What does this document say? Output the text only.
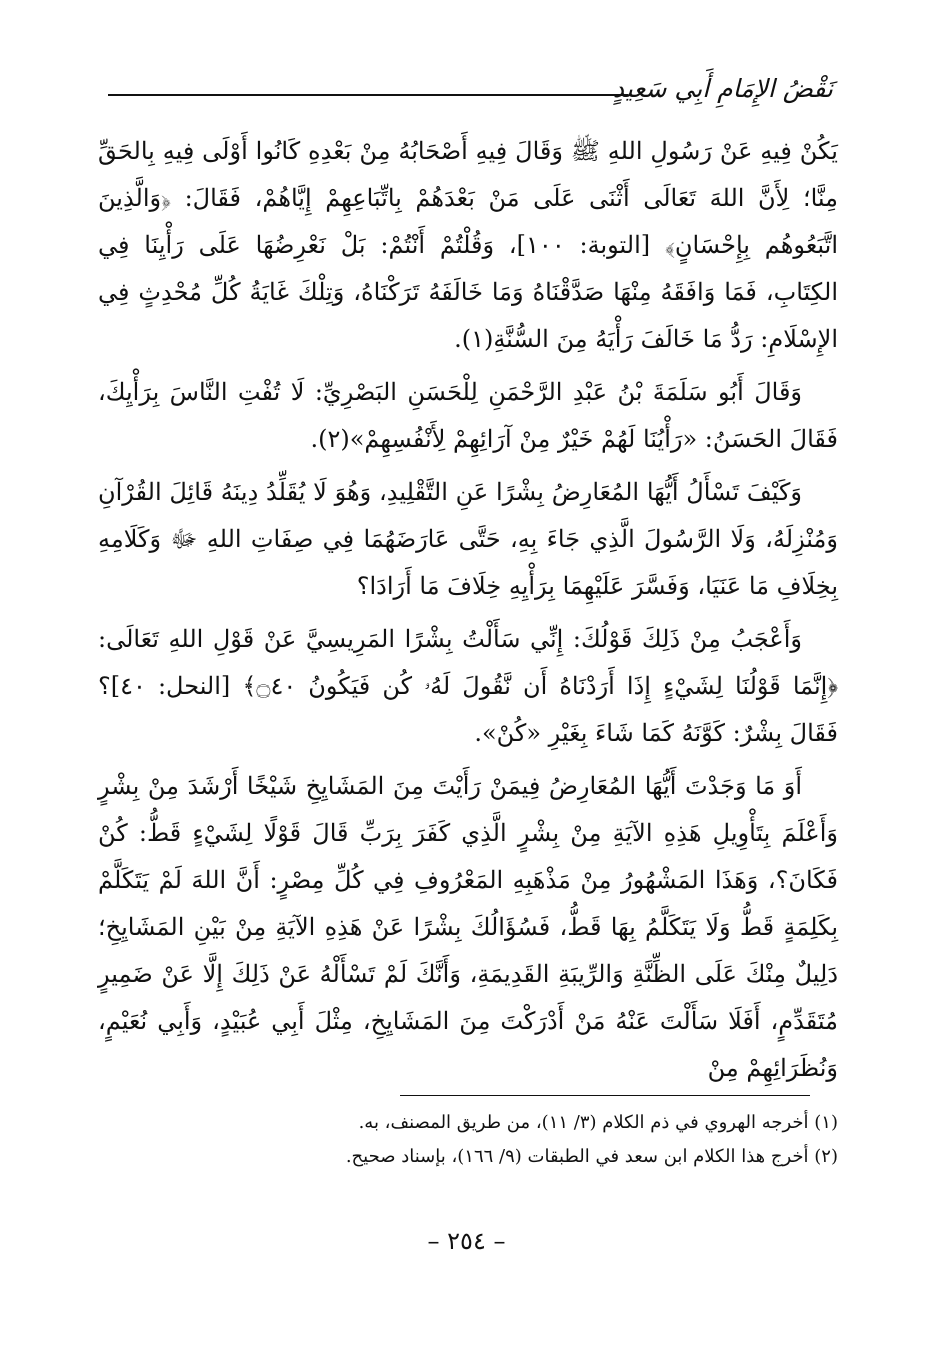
نَقْضُ الإِمَامِ أَبِي سَعِيدٍ

يَكُنْ فِيهِ عَنْ رَسُولِ اللهِ ﷺ وَقَالَ فِيهِ أَصْحَابُهُ مِنْ بَعْدِهِ كَانُوا أَوْلَى فِيهِ بِالحَقِّ مِنَّا؛ لِأَنَّ اللهَ تَعَالَى أَثْنَى عَلَى مَنْ بَعْدَهُمْ بِاتِّبَاعِهِمْ إِيَّاهُمْ، فَقَالَ: ﴿وَالَّذِينَ اتَّبَعُوهُم بِإِحْسَانٍ﴾ [التوبة: ١٠٠]، وَقُلْتُمْ أَنْتُمْ: بَلْ نَعْرِضُهَا عَلَى رَأْيِنَا فِي الكِتَابِ، فَمَا وَافَقَهُ مِنْهَا صَدَّقْنَاهُ وَمَا خَالَفَهُ تَرَكْنَاهُ، وَتِلْكَ غَايَةُ كُلِّ مُحْدِثٍ فِي الإِسْلَامِ: رَدُّ مَا خَالَفَ رَأْيَهُ مِنَ السُّنَّةِ(١).

وَقَالَ أَبُو سَلَمَةَ بْنُ عَبْدِ الرَّحْمَنِ لِلْحَسَنِ البَصْرِيِّ: لَا تُفْتِ النَّاسَ بِرَأْيِكَ، فَقَالَ الحَسَنُ: «رَأْيُنَا لَهُمْ خَيْرٌ مِنْ آرَائِهِمْ لِأَنْفُسِهِمْ»(٢).

وَكَيْفَ تَسْأَلُ أَيُّهَا المُعَارِضُ بِشْرًا عَنِ التَّقْلِيدِ، وَهُوَ لَا يُقَلِّدُ دِينَهُ قَائِلَ القُرْآنِ وَمُنْزِلَهُ، وَلَا الرَّسُولَ الَّذِي جَاءَ بِهِ، حَتَّى عَارَضَهُمَا فِي صِفَاتِ اللهِ ﷻ وَكَلَامِهِ بِخِلَافِ مَا عَنَيَا، وَفَسَّرَ عَلَيْهِمَا بِرَأْيِهِ خِلَافَ مَا أَرَادَا؟

وَأَعْجَبُ مِنْ ذَلِكَ قَوْلُكَ: إِنِّي سَأَلْتُ بِشْرًا المَرِيسِيَّ عَنْ قَوْلِ اللهِ تَعَالَى: ﴿إِنَّمَا قَوْلُنَا لِشَيْءٍ إِذَا أَرَدْنَاهُ أَن نَّقُولَ لَهُۥ كُن فَيَكُونُ ۝٤٠﴾ [النحل: ٤٠]؟ فَقَالَ بِشْرٌ: كَوَّنَهُ كَمَا شَاءَ بِغَيْرِ «كُنْ».

أَوَ مَا وَجَدْتَ أَيُّهَا المُعَارِضُ فِيمَنْ رَأَيْتَ مِنَ المَشَايِخِ شَيْخًا أَرْشَدَ مِنْ بِشْرٍ وَأَعْلَمَ بِتَأْوِيلِ هَذِهِ الآيَةِ مِنْ بِشْرٍ الَّذِي كَفَرَ بِرَبِّ قَالَ قَوْلًا لِشَيْءٍ قَطُّ: كُنْ فَكَانَ؟، وَهَذَا المَشْهُورُ مِنْ مَذْهَبِهِ المَعْرُوفِ فِي كُلِّ مِصْرٍ: أَنَّ اللهَ لَمْ يَتَكَلَّمْ بِكَلِمَةٍ قَطُّ وَلَا يَتَكَلَّمُ بِهَا قَطُّ، فَسُؤَالُكَ بِشْرًا عَنْ هَذِهِ الآيَةِ مِنْ بَيْنِ المَشَايِخِ؛ دَلِيلٌ مِنْكَ عَلَى الظِّنَّةِ وَالرِّيبَةِ القَدِيمَةِ، وَأَنَّكَ لَمْ تَسْأَلْهُ عَنْ ذَلِكَ إِلَّا عَنْ ضَمِيرٍ مُتَقَدِّمٍ، أَفَلَا سَأَلْتَ عَنْهُ مَنْ أَدْرَكْتَ مِنَ المَشَايِخِ، مِثْلَ أَبِي عُبَيْدٍ، وَأَبِي نُعَيْمٍ، وَنُظَرَائِهِمْ مِنْ

(١) أخرجه الهروي في ذم الكلام (٣/ ١١)، من طريق المصنف، به.

(٢) أخرج هذا الكلام ابن سعد في الطبقات (٩/ ١٦٦)، بإسناد صحيح.

– ٢٥٤ –
